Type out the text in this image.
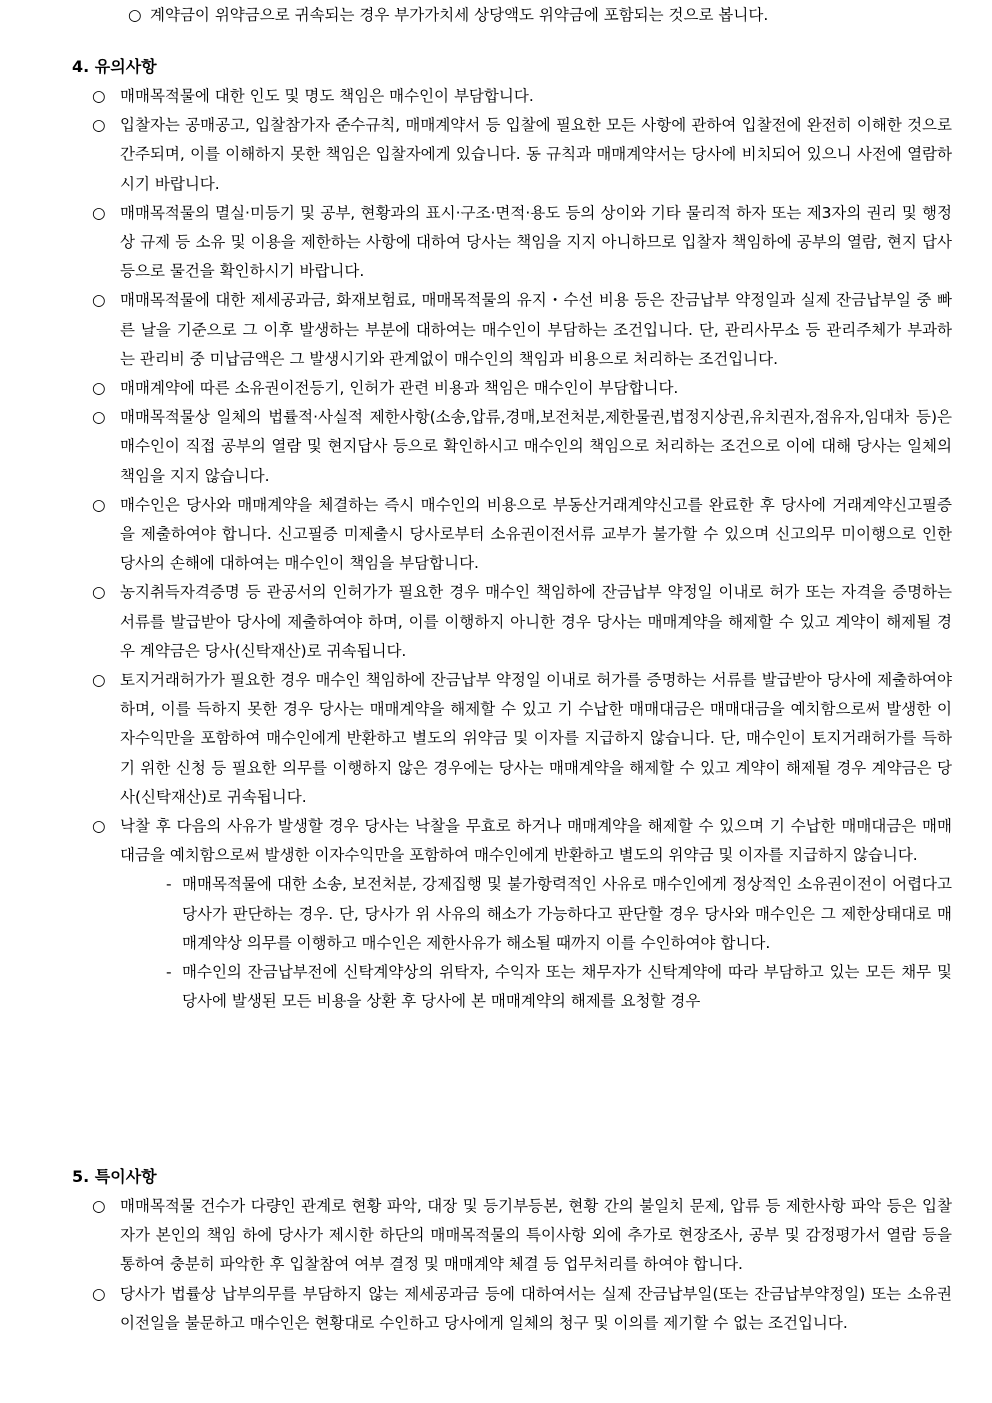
○ 계약금이 위약금으로 귀속되는 경우 부가가치세 상당액도 위약금에 포함되는 것으로 봅니다.
4. 유의사항
○ 매매목적물에 대한 인도 및 명도 책임은 매수인이 부담합니다.
○ 입찰자는 공매공고, 입찰참가자 준수규칙, 매매계약서 등 입찰에 필요한 모든 사항에 관하여 입찰전에 완전히 이해한 것으로 간주되며, 이를 이해하지 못한 책임은 입찰자에게 있습니다. 동 규칙과 매매계약서는 당사에 비치되어 있으니 사전에 열람하시기 바랍니다.
○ 매매목적물의 멸실·미등기 및 공부, 현황과의 표시·구조·면적·용도 등의 상이와 기타 물리적 하자 또는 제3자의 권리 및 행정상 규제 등 소유 및 이용을 제한하는 사항에 대하여 당사는 책임을 지지 아니하므로 입찰자 책임하에 공부의 열람, 현지 답사 등으로 물건을 확인하시기 바랍니다.
○ 매매목적물에 대한 제세공과금, 화재보험료, 매매목적물의 유지・수선 비용 등은 잔금납부 약정일과 실제 잔금납부일 중 빠른 날을 기준으로 그 이후 발생하는 부분에 대하여는 매수인이 부담하는 조건입니다. 단, 관리사무소 등 관리주체가 부과하는 관리비 중 미납금액은 그 발생시기와 관계없이 매수인의 책임과 비용으로 처리하는 조건입니다.
○ 매매계약에 따른 소유권이전등기, 인허가 관련 비용과 책임은 매수인이 부담합니다.
○ 매매목적물상 일체의 법률적·사실적 제한사항(소송,압류,경매,보전처분,제한물권,법정지상권,유치권자,점유자,임대차 등)은 매수인이 직접 공부의 열람 및 현지답사 등으로 확인하시고 매수인의 책임으로 처리하는 조건으로 이에 대해 당사는 일체의 책임을 지지 않습니다.
○ 매수인은 당사와 매매계약을 체결하는 즉시 매수인의 비용으로 부동산거래계약신고를 완료한 후 당사에 거래계약신고필증을 제출하여야 합니다. 신고필증 미제출시 당사로부터 소유권이전서류 교부가 불가할 수 있으며 신고의무 미이행으로 인한 당사의 손해에 대하여는 매수인이 책임을 부담합니다.
○ 농지취득자격증명 등 관공서의 인허가가 필요한 경우 매수인 책임하에 잔금납부 약정일 이내로 허가 또는 자격을 증명하는 서류를 발급받아 당사에 제출하여야 하며, 이를 이행하지 아니한 경우 당사는 매매계약을 해제할 수 있고 계약이 해제될 경우 계약금은 당사(신탁재산)로 귀속됩니다.
○ 토지거래허가가 필요한 경우 매수인 책임하에 잔금납부 약정일 이내로 허가를 증명하는 서류를 발급받아 당사에 제출하여야 하며, 이를 득하지 못한 경우 당사는 매매계약을 해제할 수 있고 기 수납한 매매대금은 매매대금을 예치함으로써 발생한 이자수익만을 포함하여 매수인에게 반환하고 별도의 위약금 및 이자를 지급하지 않습니다. 단, 매수인이 토지거래허가를 득하기 위한 신청 등 필요한 의무를 이행하지 않은 경우에는 당사는 매매계약을 해제할 수 있고 계약이 해제될 경우 계약금은 당사(신탁재산)로 귀속됩니다.
○ 낙찰 후 다음의 사유가 발생할 경우 당사는 낙찰을 무효로 하거나 매매계약을 해제할 수 있으며 기 수납한 매매대금은 매매대금을 예치함으로써 발생한 이자수익만을 포함하여 매수인에게 반환하고 별도의 위약금 및 이자를 지급하지 않습니다.
- 매매목적물에 대한 소송, 보전처분, 강제집행 및 불가항력적인 사유로 매수인에게 정상적인 소유권이전이 어렵다고 당사가 판단하는 경우. 단, 당사가 위 사유의 해소가 가능하다고 판단할 경우 당사와 매수인은 그 제한상태대로 매매계약상 의무를 이행하고 매수인은 제한사유가 해소될 때까지 이를 수인하여야 합니다.
- 매수인의 잔금납부전에 신탁계약상의 위탁자, 수익자 또는 채무자가 신탁계약에 따라 부담하고 있는 모든 채무 및 당사에 발생된 모든 비용을 상환 후 당사에 본 매매계약의 해제를 요청할 경우
5. 특이사항
○ 매매목적물 건수가 다량인 관계로 현황 파악, 대장 및 등기부등본, 현황 간의 불일치 문제, 압류 등 제한사항 파악 등은 입찰자가 본인의 책임 하에 당사가 제시한 하단의 매매목적물의 특이사항 외에 추가로 현장조사, 공부 및 감정평가서 열람 등을 통하여 충분히 파악한 후 입찰참여 여부 결정 및 매매계약 체결 등 업무처리를 하여야 합니다.
○ 당사가 법률상 납부의무를 부담하지 않는 제세공과금 등에 대하여서는 실제 잔금납부일(또는 잔금납부약정일) 또는 소유권이전일을 불문하고 매수인은 현황대로 수인하고 당사에게 일체의 청구 및 이의를 제기할 수 없는 조건입니다.
